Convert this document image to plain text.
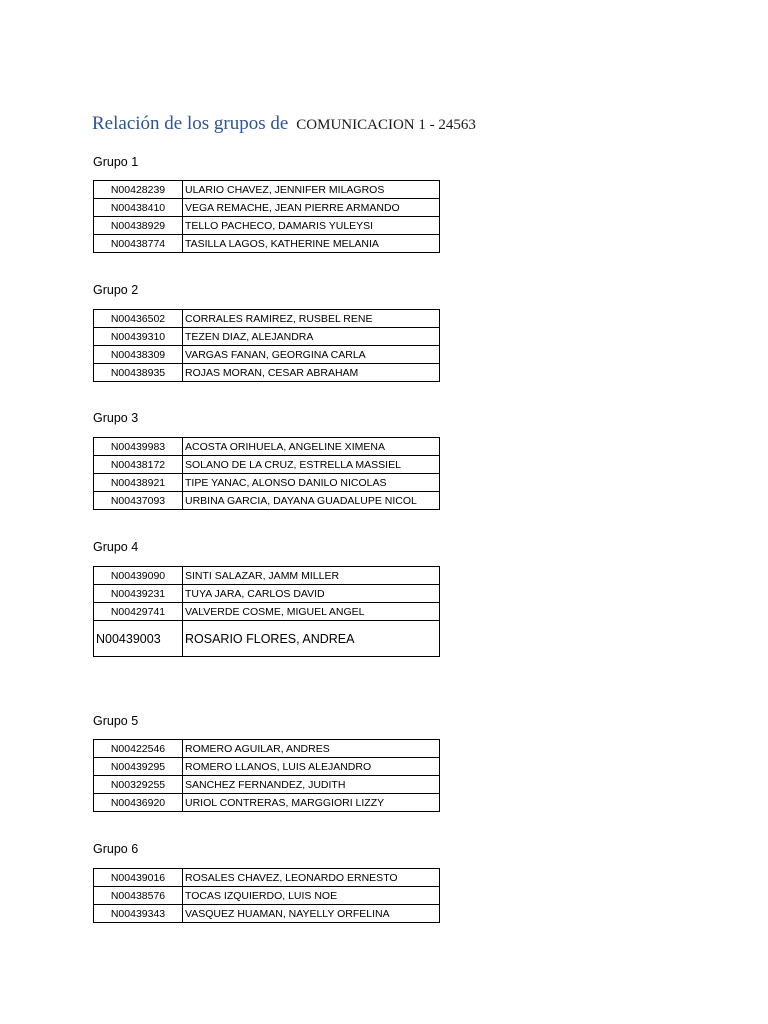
Relación de los grupos de COMUNICACION 1 - 24563

Grupo 1

N00428239	ULARIO CHAVEZ, JENNIFER MILAGROS
N00438410	VEGA REMACHE, JEAN PIERRE ARMANDO
N00438929	TELLO PACHECO, DAMARIS YULEYSI
N00438774	TASILLA LAGOS, KATHERINE MELANIA

Grupo 2

N00436502	CORRALES RAMIREZ, RUSBEL RENE
N00439310	TEZEN DIAZ, ALEJANDRA
N00438309	VARGAS FANAN, GEORGINA CARLA
N00438935	ROJAS MORAN, CESAR ABRAHAM

Grupo 3

N00439983	ACOSTA ORIHUELA, ANGELINE XIMENA
N00438172	SOLANO DE LA CRUZ, ESTRELLA MASSIEL
N00438921	TIPE YANAC, ALONSO DANILO NICOLAS
N00437093	URBINA GARCIA, DAYANA GUADALUPE NICOL

Grupo 4

N00439090	SINTI SALAZAR, JAMM MILLER
N00439231	TUYA JARA, CARLOS DAVID
N00429741	VALVERDE COSME, MIGUEL ANGEL
N00439003	ROSARIO FLORES, ANDREA

Grupo 5

N00422546	ROMERO AGUILAR, ANDRES
N00439295	ROMERO LLANOS, LUIS ALEJANDRO
N00329255	SANCHEZ FERNANDEZ, JUDITH
N00436920	URIOL CONTRERAS, MARGGIORI LIZZY

Grupo 6

N00439016	ROSALES CHAVEZ, LEONARDO ERNESTO
N00438576	TOCAS IZQUIERDO, LUIS NOE
N00439343	VASQUEZ HUAMAN, NAYELLY ORFELINA
